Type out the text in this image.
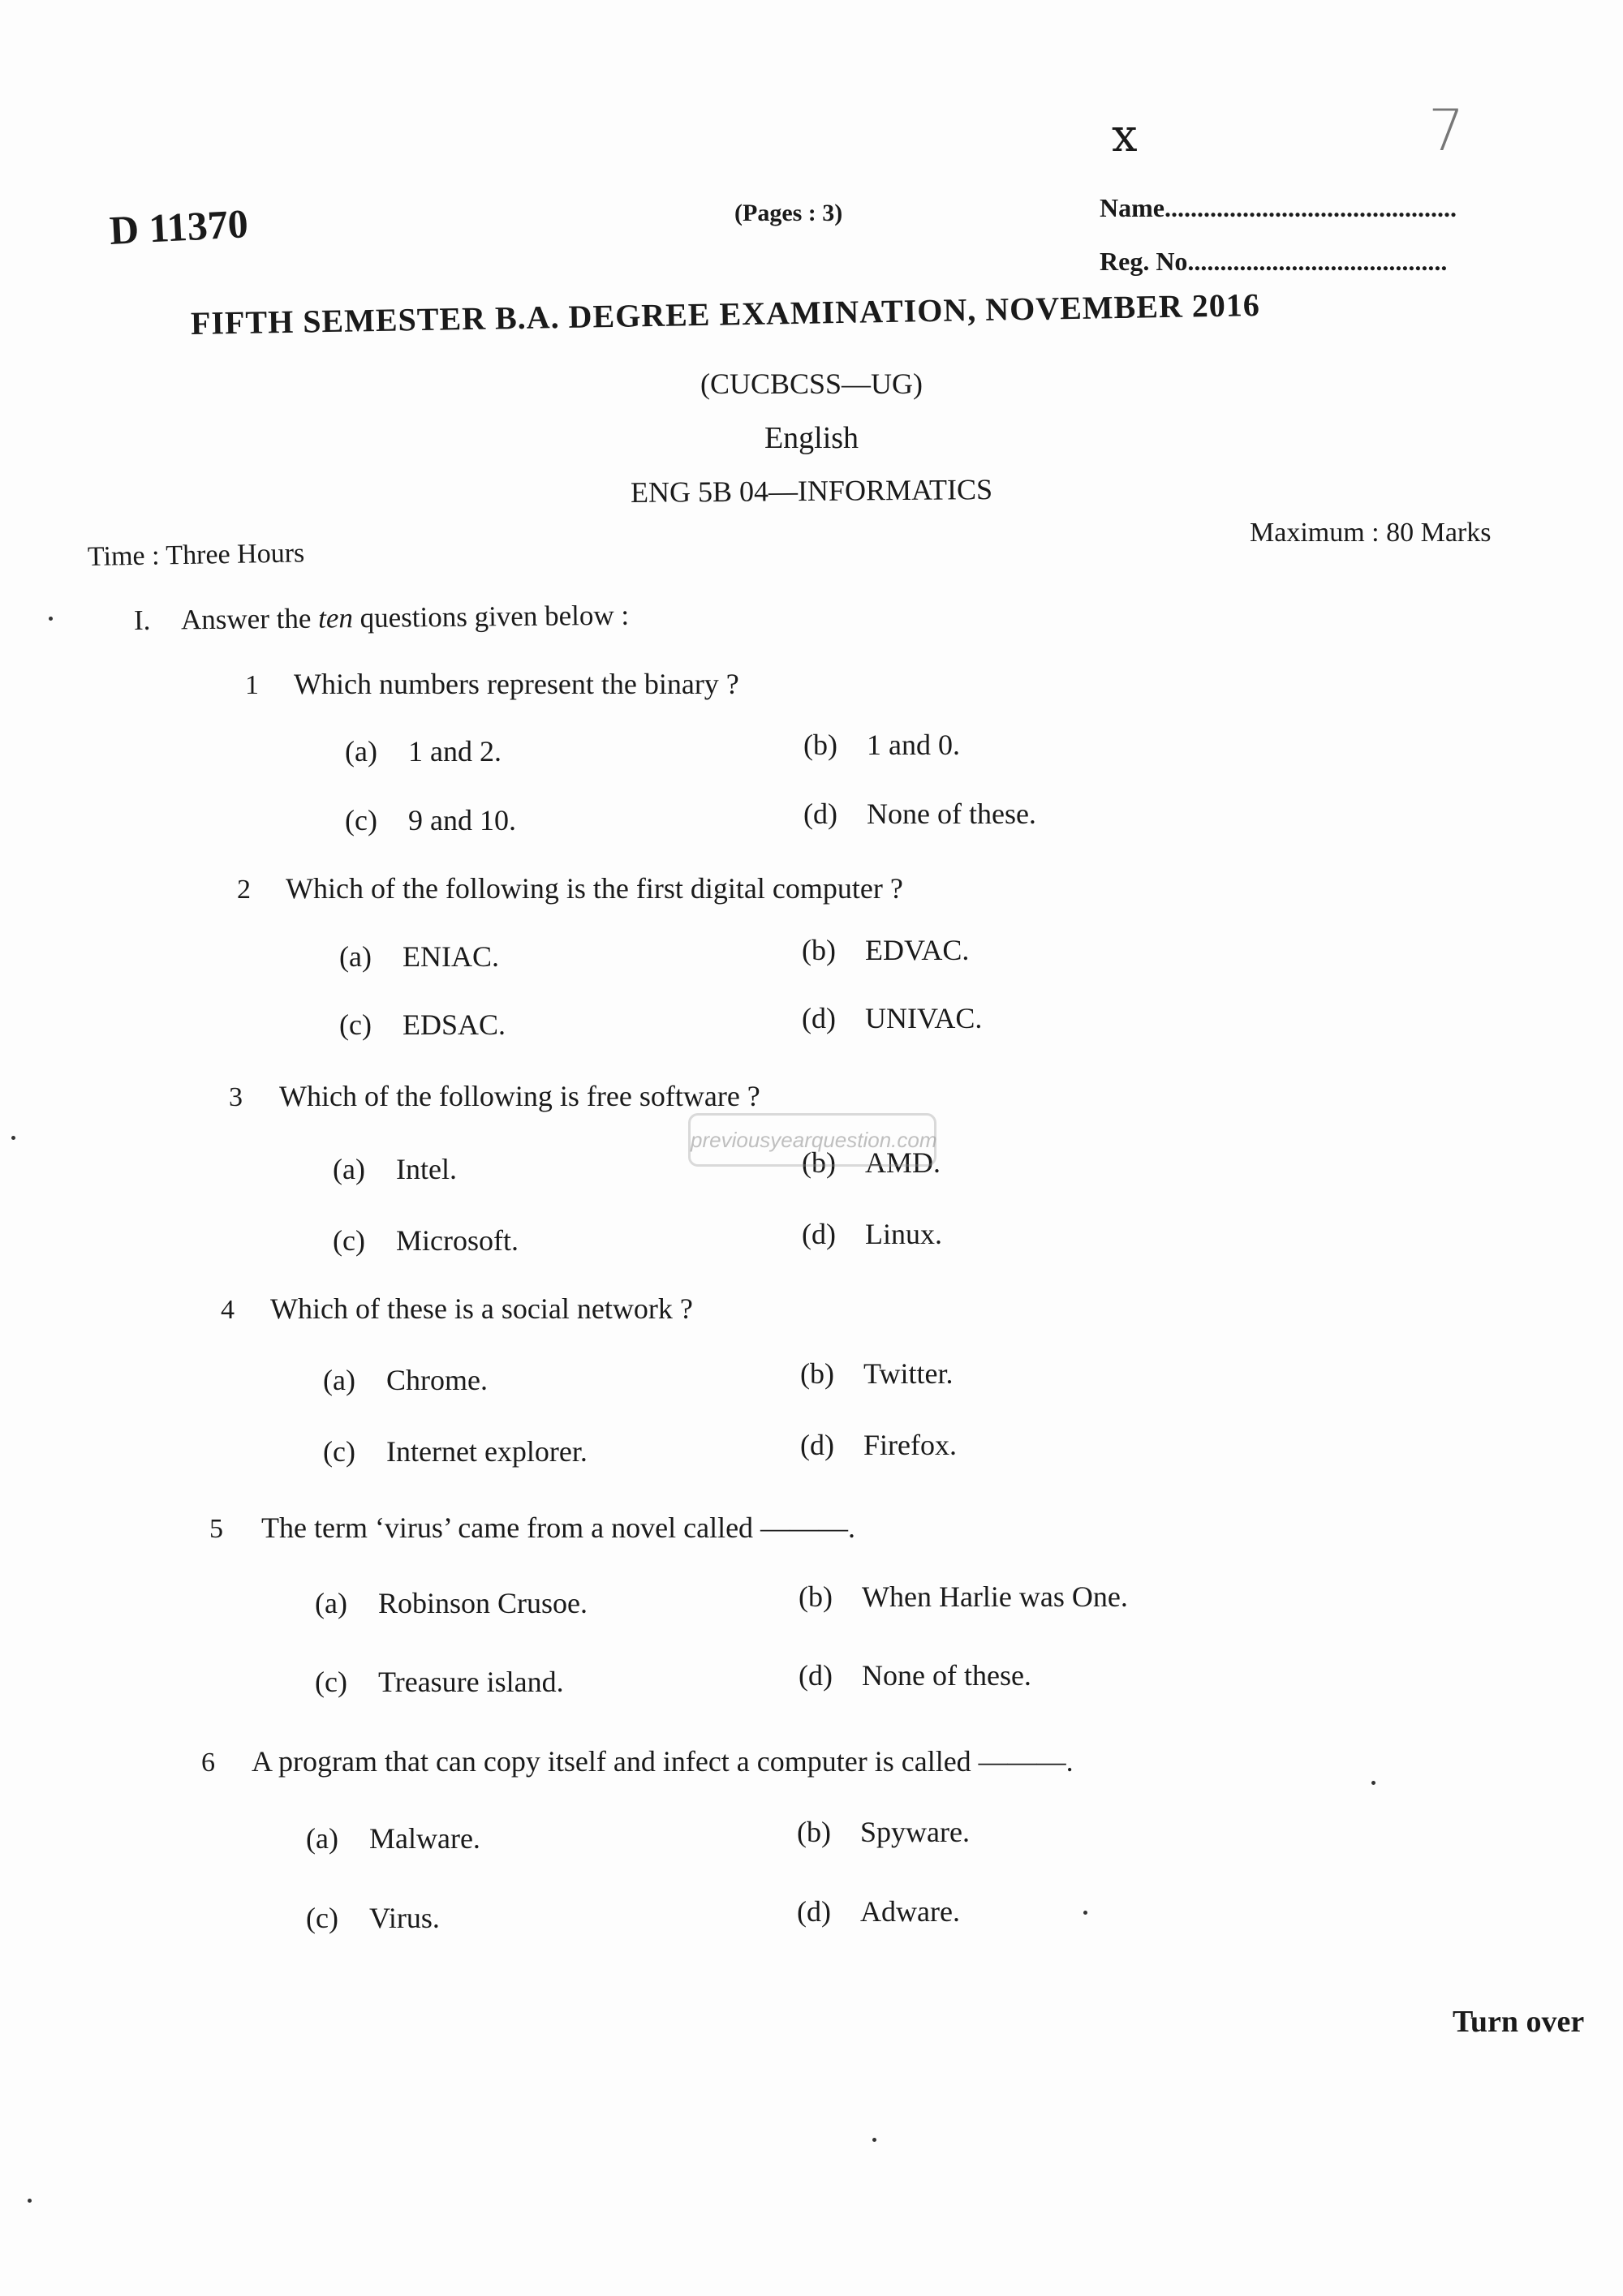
x	7
D 11370	(Pages : 3)	Name.............................................
Reg. No........................................
FIFTH SEMESTER B.A. DEGREE EXAMINATION, NOVEMBER 2016
(CUCBCSS—UG)
English
ENG 5B 04—INFORMATICS
Time : Three Hours
Maximum : 80 Marks
I. Answer the ten questions given below :
1 Which numbers represent the binary ?
(a) 1 and 2.	(b) 1 and 0.
(c) 9 and 10.	(d) None of these.
2 Which of the following is the first digital computer ?
(a) ENIAC.	(b) EDVAC.
(c) EDSAC.	(d) UNIVAC.
3 Which of the following is free software ?
(a) Intel.	(b) AMD.
(c) Microsoft.	(d) Linux.
4 Which of these is a social network ?
(a) Chrome.	(b) Twitter.
(c) Internet explorer.	(d) Firefox.
5 The term ‘virus’ came from a novel called ———.
(a) Robinson Crusoe.	(b) When Harlie was One.
(c) Treasure island.	(d) None of these.
6 A program that can copy itself and infect a computer is called ———.
(a) Malware.	(b) Spyware.
(c) Virus.	(d) Adware.
previousyearquestion.com
Turn over
